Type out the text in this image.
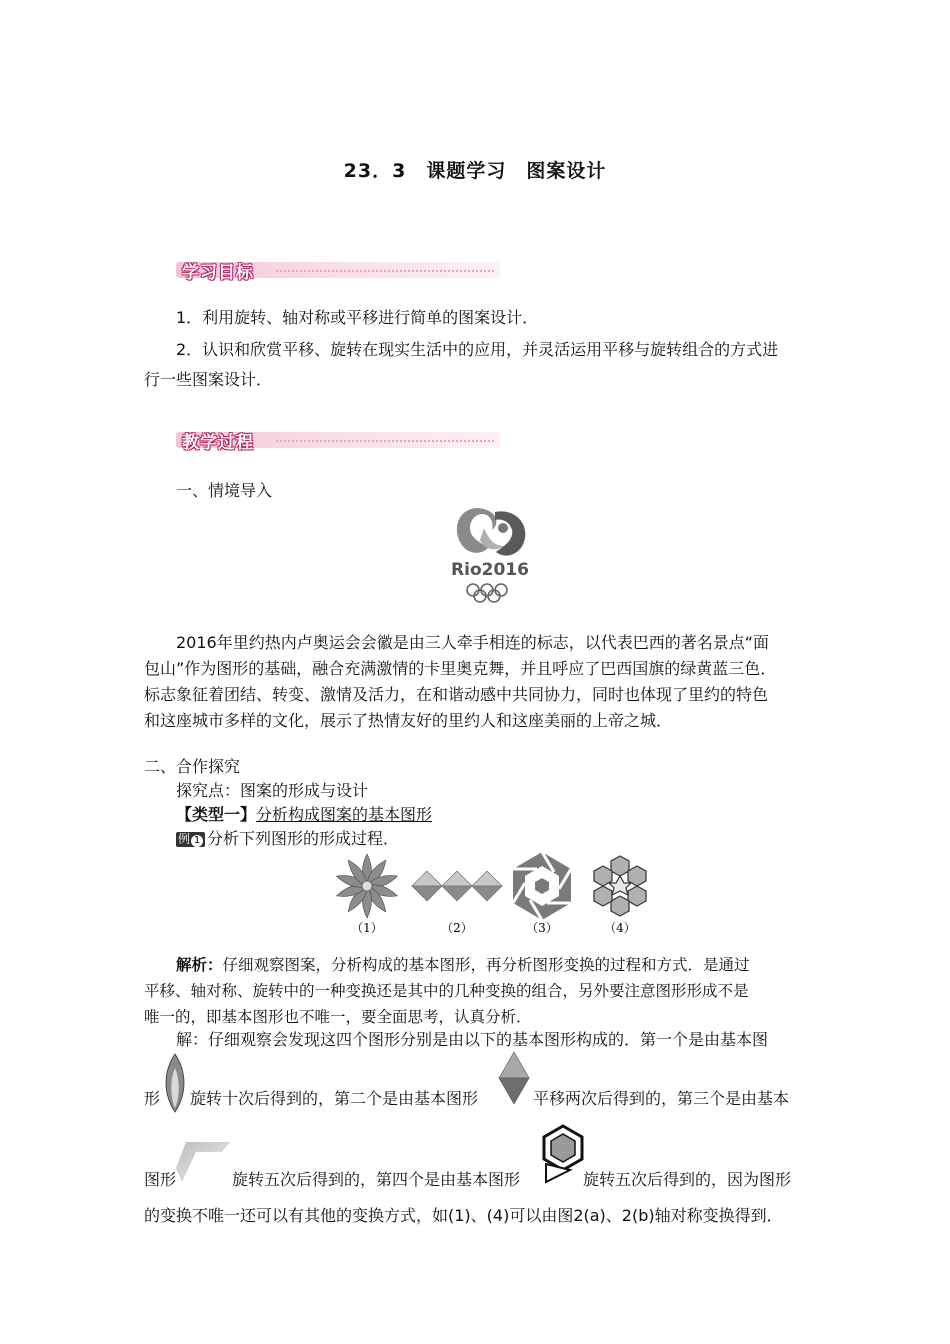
23．3　课题学习　图案设计
学习目标
1．利用旋转、轴对称或平移进行简单的图案设计．
2．认识和欣赏平移、旋转在现实生活中的应用，并灵活运用平移与旋转组合的方式进
行一些图案设计．
教学过程
一、情境导入
Rio2016
2016年里约热内卢奥运会会徽是由三人牵手相连的标志，以代表巴西的著名景点“面
包山”作为图形的基础，融合充满激情的卡里奥克舞，并且呼应了巴西国旗的绿黄蓝三色．
标志象征着团结、转变、激情及活力，在和谐动感中共同协力，同时也体现了里约的特色
和这座城市多样的文化，展示了热情友好的里约人和这座美丽的上帝之城．
二、合作探究
探究点：图案的形成与设计
【类型一】分析构成图案的基本图形
例 1 分析下列图形的形成过程．
（1）	（2）	（3）	（4）
解析：仔细观察图案，分析构成的基本图形，再分析图形变换的过程和方式．是通过
平移、轴对称、旋转中的一种变换还是其中的几种变换的组合，另外要注意图形形成不是
唯一的，即基本图形也不唯一，要全面思考，认真分析．
解：仔细观察会发现这四个图形分别是由以下的基本图形构成的．第一个是由基本图
形 旋转十次后得到的，第二个是由基本图形	平移两次后得到的，第三个是由基本
图形	旋转五次后得到的，第四个是由基本图形	旋转五次后得到的，因为图形
的变换不唯一还可以有其他的变换方式，如(1)、(4)可以由图2(a)、2(b)轴对称变换得到．
